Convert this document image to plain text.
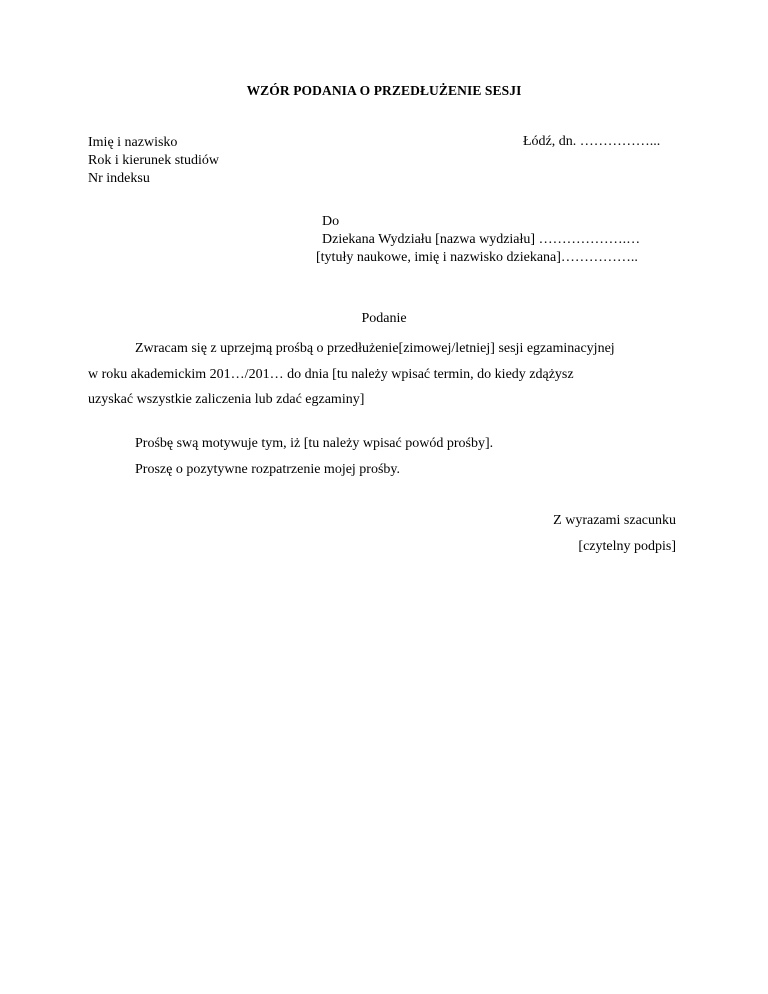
WZÓR PODANIA O PRZEDŁUŻENIE SESJI
Imię i nazwisko
Rok i kierunek studiów
Nr indeksu
Łódź, dn. ……………...
Do
Dziekana Wydziału [nazwa wydziału] ……………….…
[tytuły naukowe, imię i nazwisko dziekana]……………..
Podanie
Zwracam się z uprzejmą prośbą o przedłużenie[zimowej/letniej] sesji egzaminacyjnej
w roku akademickim 201…/201… do dnia [tu należy wpisać termin, do kiedy zdążysz
uzyskać wszystkie zaliczenia lub zdać egzaminy]
Prośbę swą motywuje tym, iż [tu należy wpisać powód prośby].
Proszę o pozytywne rozpatrzenie mojej prośby.
Z wyrazami szacunku
[czytelny podpis]
